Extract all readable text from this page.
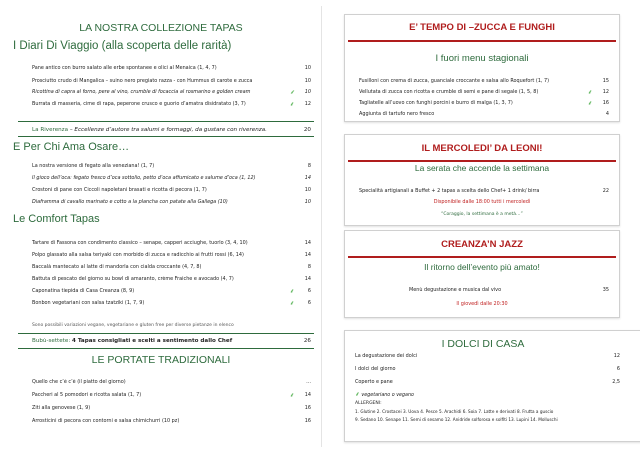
LA NOSTRA COLLEZIONE TAPAS
I Diari Di Viaggio (alla scoperta delle rarità)
Pane antico con burro salato alle erbe spontanee e olici al Menaica (1, 4, 7)	10
Prosciutto crudo di Mangalica – suino nero pregiato razza - con Hummus di carote e zucca	10
Ricottina di capra al forno, pere al vino, crumble di focaccia al rosmarino e golden cream	⸙	10
Burrata di masseria, cime di rapa, peperone crusco e guorio d’amatra disidratato (3, 7)	⸙	12
La Riverenza – Eccellenze d’autore tra salumi e formaggi, da gustare con riverenza.	20
E Per Chi Ama Osare…
La nostra versione di fegato alla veneziana! (1, 7)	8
Il gioco dell’oca: fegato fresco d’oca sottolio, petto d’oca affumicato e salume d’oca (1, 12)	14
Crostoni di pane con Ciccoli napoletani brasati e ricotta di pecora (1, 7)	10
Diaframma di cavallo marinato e cotto a la plancha con patate alla Gallega (10)	10
Le Comfort Tapas
Tartare di Fassona con condimento classico – senape, capperi acciughe, tuorlo (3, 4, 10)	14
Polpo glassato alla salsa teriyaki con morbido di zucca e radicchio ai frutti rossi (6, 14)	14
Baccalà mantecato al latte di mandorla con cialda croccante (4, 7, 8)	8
Battuta di pescato del giorno su bowl di amaranto, crème Fraiche e avocado (4, 7)	14
Caponatina tiepida di Casa Creanza (8, 9)	⸙	6
Bonbon vegetariani con salsa tzatziki (1, 7, 9)	⸙	6
Sono possibili variazioni vegane, vegetariane e gluten free per diverse pietanze in elenco
Bubù-settete: 4 Tapas consigliati e scelti a sentimento dallo Chef	26
LE PORTATE TRADIZIONALI
Quello che c’è c’è (il piatto del giorno)	…
Paccheri al 5 pomodori e ricotta salata (1, 7)	⸙	14
Ziti alla genovese (1, 9)	16
Arrosticini di pecora con contorni e salsa chimichurri (10 pz)	16
E’ TEMPO DI –ZUCCA E FUNGHI
I fuori menu stagionali
Fusilloni con crema di zucca, guanciale croccante e salsa allo Roquefort (1, 7)	15
Vellutata di zucca con ricotta e crumble di semi e pane di segale (1, 5, 8)	⸙	12
Tagliatelle all’uovo con funghi porcini e burro di malga (1, 3, 7)	⸙	16
Aggiunta di tartufo nero fresco	4
IL MERCOLEDI’ DA LEONI!
La serata che accende la settimana
Specialità artigianali a Buffet + 2 tapas a scelta dello Chef+ 1 drink/ birra	22
Disponibile dalle 18:00 tutti i mercoledì
“Coraggio, la settimana è a metà…”
CREANZA’N JAZZ
Il ritorno dell’evento più amato!
Menù degustazione e musica dal vivo	35
Il giovedì dalle 20:30
I DOLCI DI CASA
La degustazione dei dolci	12
I dolci del giorno	6
Coperto e pane	2,5
⸙ vegetariano o vegano
ALLERGENI:
1. Glutine 2. Crostacei 3. Uova 4. Pesce 5. Arachidi 6. Soia 7. Latte e derivati 8. Frutta a guscio
9. Sedano 10. Senape 11. Semi di sesamo 12. Anidride solforosa e solfiti 13. Lupini 14. Molluschi
